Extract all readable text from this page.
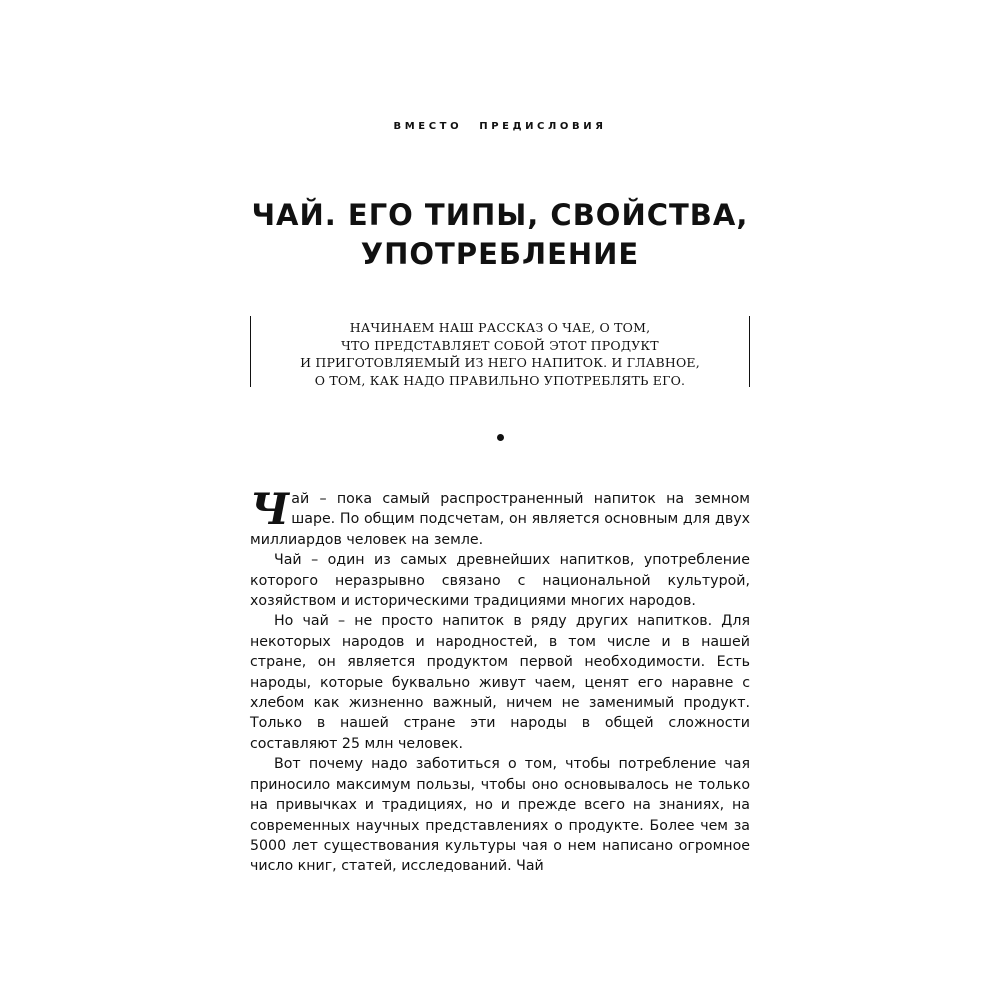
ВМЕСТО ПРЕДИСЛОВИЯ
ЧАЙ. ЕГО ТИПЫ, СВОЙСТВА,
УПОТРЕБЛЕНИЕ
НАЧИНАЕМ НАШ РАССКАЗ О ЧАЕ, О ТОМ,
ЧТО ПРЕДСТАВЛЯЕТ СОБОЙ ЭТОТ ПРОДУКТ
И ПРИГОТОВЛЯЕМЫЙ ИЗ НЕГО НАПИТОК. И ГЛАВНОЕ,
О ТОМ, КАК НАДО ПРАВИЛЬНО УПОТРЕБЛЯТЬ ЕГО.

Чай – пока самый распространенный напиток на земном шаре. По общим подсчетам, он является основным для двух миллиардов человек на земле.

Чай – один из самых древнейших напитков, употребление которого неразрывно связано с национальной культурой, хозяйством и историческими традициями многих народов.

Но чай – не просто напиток в ряду других напитков. Для некоторых народов и народностей, в том числе и в нашей стране, он является продуктом первой необходимости. Есть народы, которые буквально живут чаем, ценят его наравне с хлебом как жизненно важный, ничем не заменимый продукт. Только в нашей стране эти народы в общей сложности составляют 25 млн человек.

Вот почему надо заботиться о том, чтобы потребление чая приносило максимум пользы, чтобы оно основывалось не только на привычках и традициях, но и прежде всего на знаниях, на современных научных представлениях о продукте. Более чем за 5000 лет существования культуры чая о нем написано огромное число книг, статей, исследований. Чай
